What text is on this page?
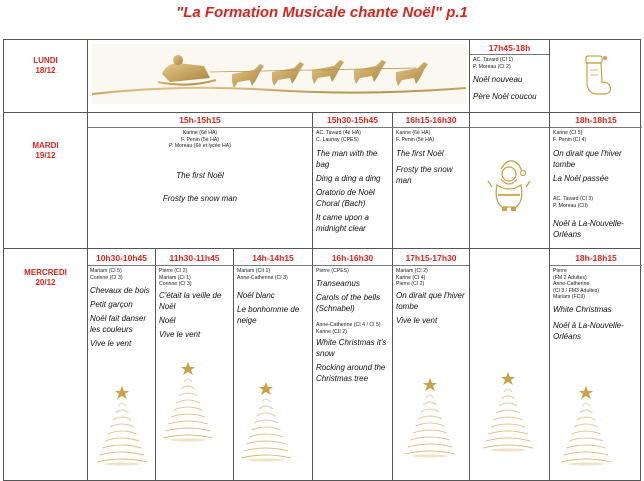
"La Formation Musicale chante Noël" p.1
LUNDI
18/12
17h45-18h
AC. Tavard (CI 1)
P. Moreau (CI 2)

Noël nouveau

Père Noël coucou

MARDI
19/12
15h-15h15
Karine (6è HA)
F. Penin (5è HA)
P. Moreau (6è et lycée HA)

The first Noël

Frosty the snow man

15h30-15h45
AC. Tavard (4è HA)
C. Launay (CPES)

The man with the bag

Ding a ding a ding

Oratorio de Noël Choral (Bach)

It came upon a midnight clear

16h15-16h30
Karine (6è HA)
F. Penin (5è HA)

The first Noël

Frosty the snow man

18h-18h15
Karine (CI 5)
F. Penin (CI 4)

On dirait que l'hiver tombe

La Noël passée

AC. Tavard (CI 3)
P. Moreau (CII)

Noël à La-Nouvelle-Orléans

MERCREDI
20/12
10h30-10h45
Mariam (CI 5)
Corinne (CI 3)

Chevaux de bois

Petit garçon

Noël fait danser les couleurs

Vive le vent

11h30-11h45
Pierre (CI 2)
Mariam (CI 1)
Corinne (CI 3)

C'était la veille de Noël

Noël

Vive le vent

14h-14h15
Mariam (CII 1)
Anne-Catherine (CI 3)

Noël blanc

Le bonhomme de neige

16h-16h30
Pierre (CPES)

Transeamus

Carols of the bells (Schnabel)

Anne-Catherine (CI 4 / CI 5)
Karine (CII 2)

White Christmas it's snow

Rocking around the Christmas tree

17h15-17h30
Mariam (CI 2)
Karine (CI 4)
Pierre (CI 2)

On dirait que l'hiver tombe

Vive le vent

18h-18h15
Pierre
(FM 2 Adultes)
Anne-Catherine
(CI 3 / FM3 Adultes)
Mariam (FCII)

White Christmas

Noël à La-Nouvelle-Orléans
